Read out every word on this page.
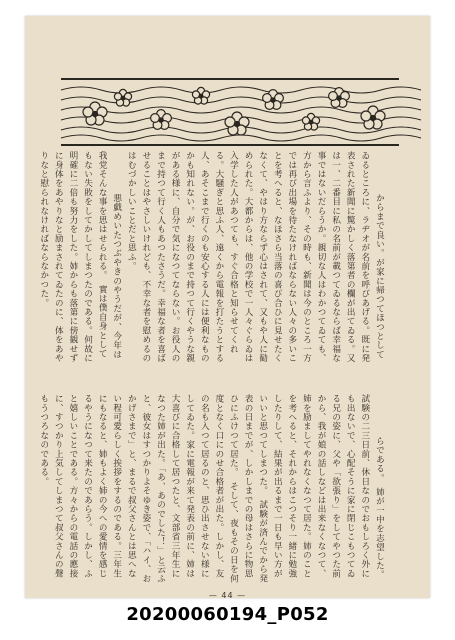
からまで良い。が家に帰つてほつとしてゐるところに、ラヂオが名前を呼びあげる。既に発表された新聞に驚かしく落第者の欄が出てゐる。又は一、二番目に私の名前が載つてゐるならば幸福な事ではないだらうか。親切な人はわかつてゐても、方から言ふより、その時も、新聞は今のところ一方では再び出場を待たなければならない人々の多いことを考へると、なほさら当落の喜び合ひに見せたくなくて、やはり方ならず心はされて、又もや人に勧められた。大都からは、他の学校で一人々ぐらゐは入学した人があつても、すぐ合格と知らせてくれる。大騒ぎと思ふ人、遠くから電報を打たうとする人、あそこまで行くのも安心する人には便利なものかも知れない。が、お役のまで持つて行くやうな親がある様に、自分で気になつてならない。お役人のまで持つて行く人もあつたさうだ。幸福な者を喜ばせることはやさしいけれども、不幸な者を慰めるのはむづかしいことだと思ふ。
悪戯めいたつぶやきのやうだが、今年は我党そんな事を思はせられる。　實は僕自身としてもない失敗をしてかしてしまつたのである。何故に明確に二倍も努力をした。姉からも落第に傍観せずに身体をあやりなと励まされてゐたのに、体をあやりなと慰られなければならなかつた。

らである。　姉が一中を志望した。試験の二三日前、休日なのでおもしろく外にも出ないで、心配そうに家に閉じこもつてゐる兄の姿に、父や「欲張り」をしてやつた前から、我が娘の話しなどは出来なくなつて、姉を励ましてやれなくなつて居た。姉のことを考へると、それからはこつそり一緒に勉強したりして、結果が出るまで一日も早い方がいいと思つてしまつた。　試験が済んでから発表の日までが、しかしまでの母はさらに物思ひにふけつて居た。　そして、夜もその日を何度となく口にのせ合格者が出た。しかし、友の名も入つて居るのと、思ひ出させない様にしてゐた。家に電報が来て発表の前に、姉は大喜びに合格して居つたと、文部省三年生になつた姉が出た。「あ、あのでした！」と云ふと、彼女はすつかりよそゆき姿で、「ハイ、おかげさまで」と、まるで叔父さんとは思へない程可愛らしく挨拶をするのである。三年生にもなると、姉もよく姉の今への愛情を感じるやうになつて来たのであらう。しかし、ふと嬉しいことである。方々からの電話の應接に、すつかり上気してしまつて叔父さんの聲もうつろなのである。

— 44 —
20200060194_P052
